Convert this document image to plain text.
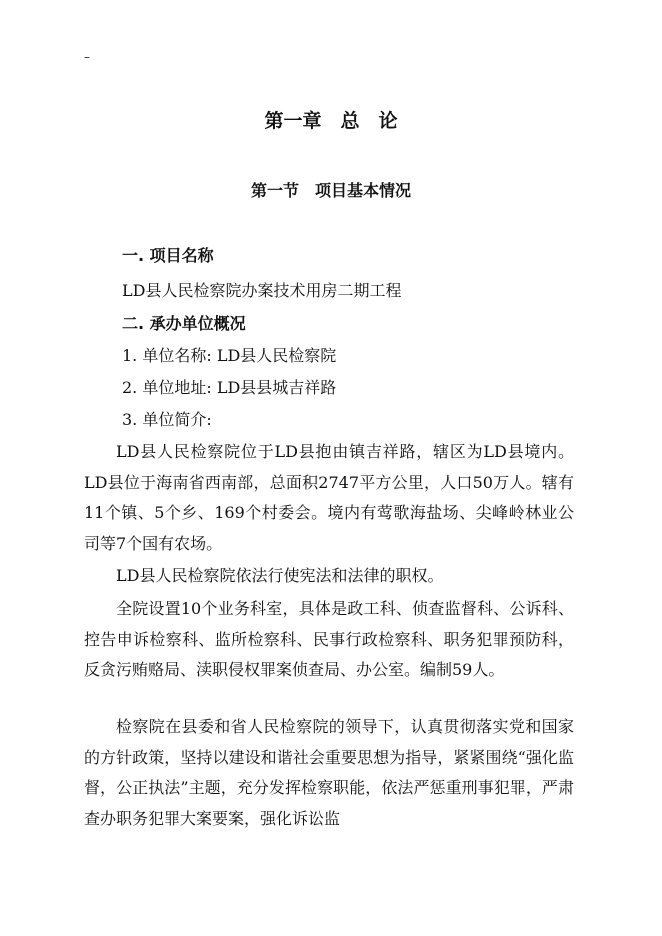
–
第一章　总　论
第一节　项目基本情况
一. 项目名称
LD县人民检察院办案技术用房二期工程
二. 承办单位概况
1. 单位名称: LD县人民检察院
2. 单位地址: LD县县城吉祥路
3. 单位简介:

LD县人民检察院位于LD县抱由镇吉祥路，辖区为LD县境内。LD县位于海南省西南部，总面积2747平方公里，人口50万人。辖有11个镇、5个乡、169个村委会。境内有莺歌海盐场、尖峰岭林业公司等7个国有农场。

LD县人民检察院依法行使宪法和法律的职权。

全院设置10个业务科室，具体是政工科、侦查监督科、公诉科、控告申诉检察科、监所检察科、民事行政检察科、职务犯罪预防科，反贪污贿赂局、渎职侵权罪案侦查局、办公室。编制59人。

检察院在县委和省人民检察院的领导下，认真贯彻落实党和国家的方针政策，坚持以建设和谐社会重要思想为指导，紧紧围绕“强化监督，公正执法”主题，充分发挥检察职能，依法严惩重刑事犯罪，严肃查办职务犯罪大案要案，强化诉讼监
